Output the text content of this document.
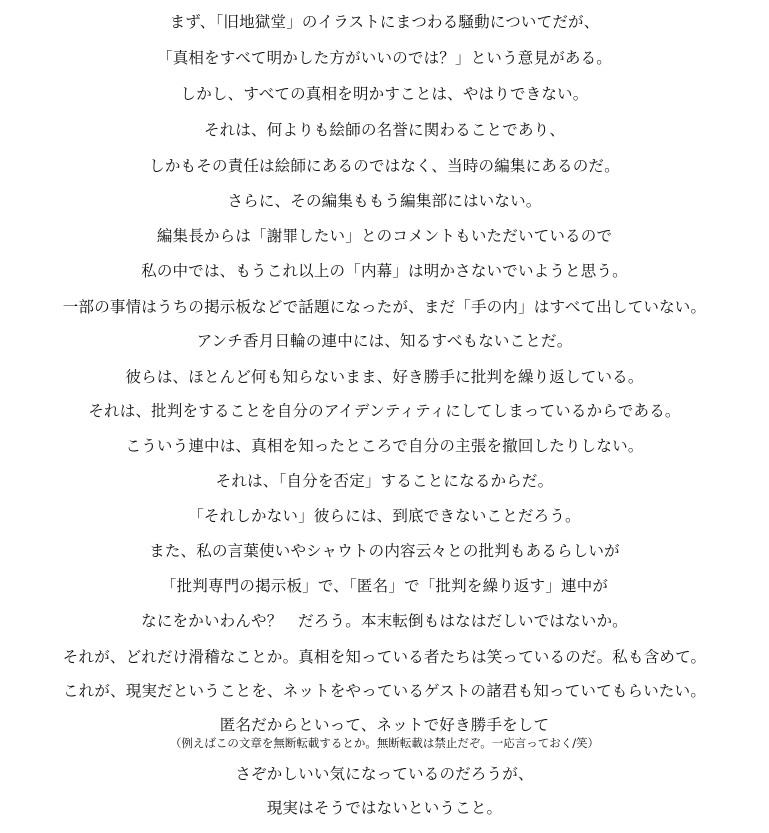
まず、「旧地獄堂」のイラストにまつわる騒動についてだが、
「真相をすべて明かした方がいいのでは？」という意見がある。
しかし、すべての真相を明かすことは、やはりできない。
それは、何よりも絵師の名誉に関わることであり、
しかもその責任は絵師にあるのではなく、当時の編集にあるのだ。
さらに、その編集ももう編集部にはいない。
編集長からは「謝罪したい」とのコメントもいただいているので
私の中では、もうこれ以上の「内幕」は明かさないでいようと思う。
一部の事情はうちの掲示板などで話題になったが、まだ「手の内」はすべて出していない。
アンチ香月日輪の連中には、知るすべもないことだ。
彼らは、ほとんど何も知らないまま、好き勝手に批判を繰り返している。
それは、批判をすることを自分のアイデンティティにしてしまっているからである。
こういう連中は、真相を知ったところで自分の主張を撤回したりしない。
それは、「自分を否定」することになるからだ。
「それしかない」彼らには、到底できないことだろう。
また、私の言葉使いやシャウトの内容云々との批判もあるらしいが
「批判専門の掲示板」で、「匿名」で「批判を繰り返す」連中が
なにをかいわんや？　だろう。本末転倒もはなはだしいではないか。
それが、どれだけ滑稽なことか。真相を知っている者たちは笑っているのだ。私も含めて。
これが、現実だということを、ネットをやっているゲストの諸君も知っていてもらいたい。
匿名だからといって、ネットで好き勝手をして
（例えばこの文章を無断転載するとか。無断転載は禁止だぞ。一応言っておく/笑）
さぞかしいい気になっているのだろうが、
現実はそうではないということ。
